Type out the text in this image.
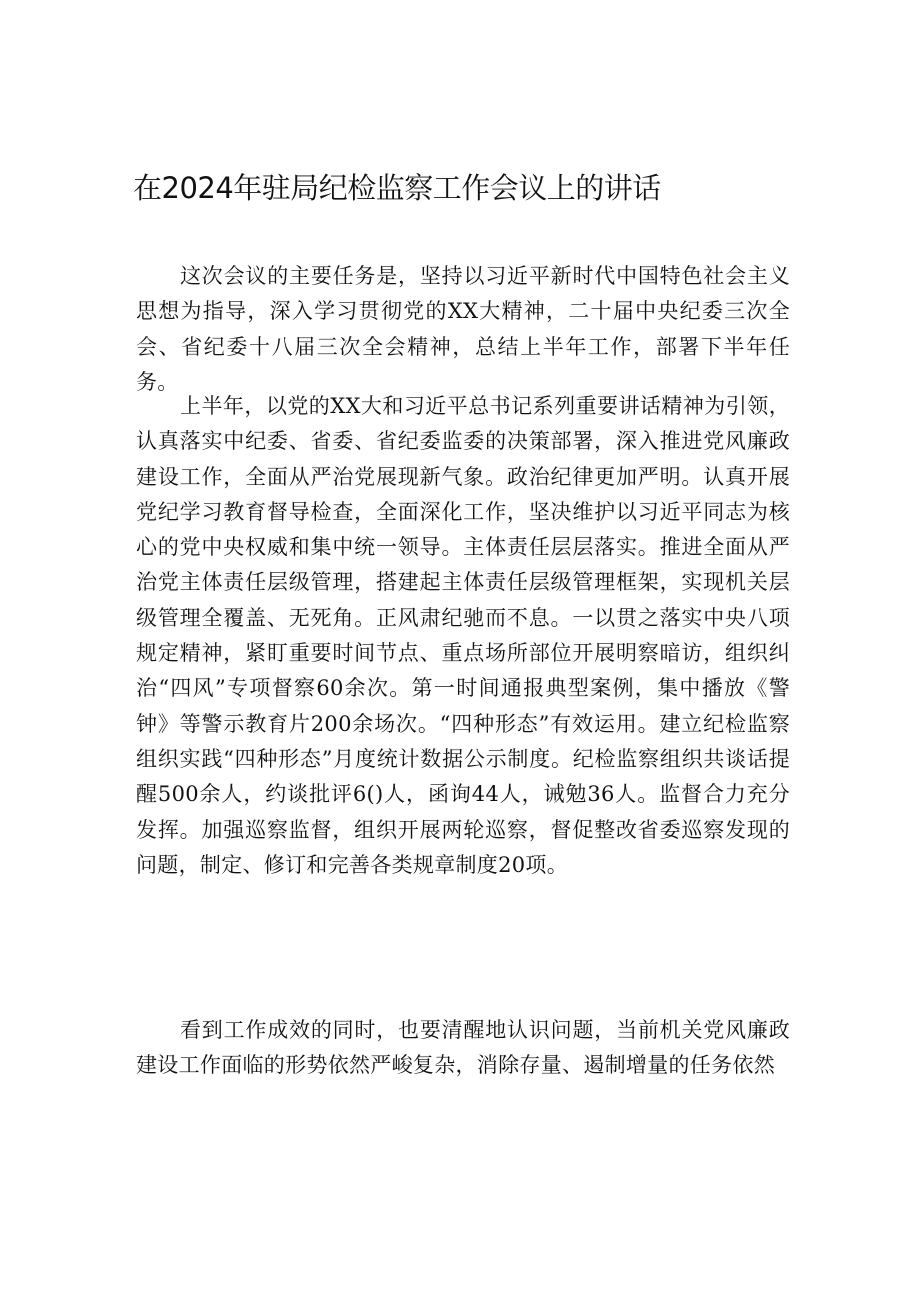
在2024年驻局纪检监察工作会议上的讲话

这次会议的主要任务是，坚持以习近平新时代中国特色社会主义思想为指导，深入学习贯彻党的XX大精神，二十届中央纪委三次全会、省纪委十八届三次全会精神，总结上半年工作，部署下半年任务。

上半年，以党的XX大和习近平总书记系列重要讲话精神为引领，认真落实中纪委、省委、省纪委监委的决策部署，深入推进党风廉政建设工作，全面从严治党展现新气象。政治纪律更加严明。认真开展党纪学习教育督导检查，全面深化工作，坚决维护以习近平同志为核心的党中央权威和集中统一领导。主体责任层层落实。推进全面从严治党主体责任层级管理，搭建起主体责任层级管理框架，实现机关层级管理全覆盖、无死角。正风肃纪驰而不息。一以贯之落实中央八项规定精神，紧盯重要时间节点、重点场所部位开展明察暗访，组织纠治“四风”专项督察60余次。第一时间通报典型案例，集中播放《警钟》等警示教育片200余场次。“四种形态”有效运用。建立纪检监察组织实践“四种形态”月度统计数据公示制度。纪检监察组织共谈话提醒500余人，约谈批评6()人，函询44人，诫勉36人。监督合力充分发挥。加强巡察监督，组织开展两轮巡察，督促整改省委巡察发现的问题，制定、修订和完善各类规章制度20项。

看到工作成效的同时，也要清醒地认识问题，当前机关党风廉政建设工作面临的形势依然严峻复杂，消除存量、遏制增量的任务依然
